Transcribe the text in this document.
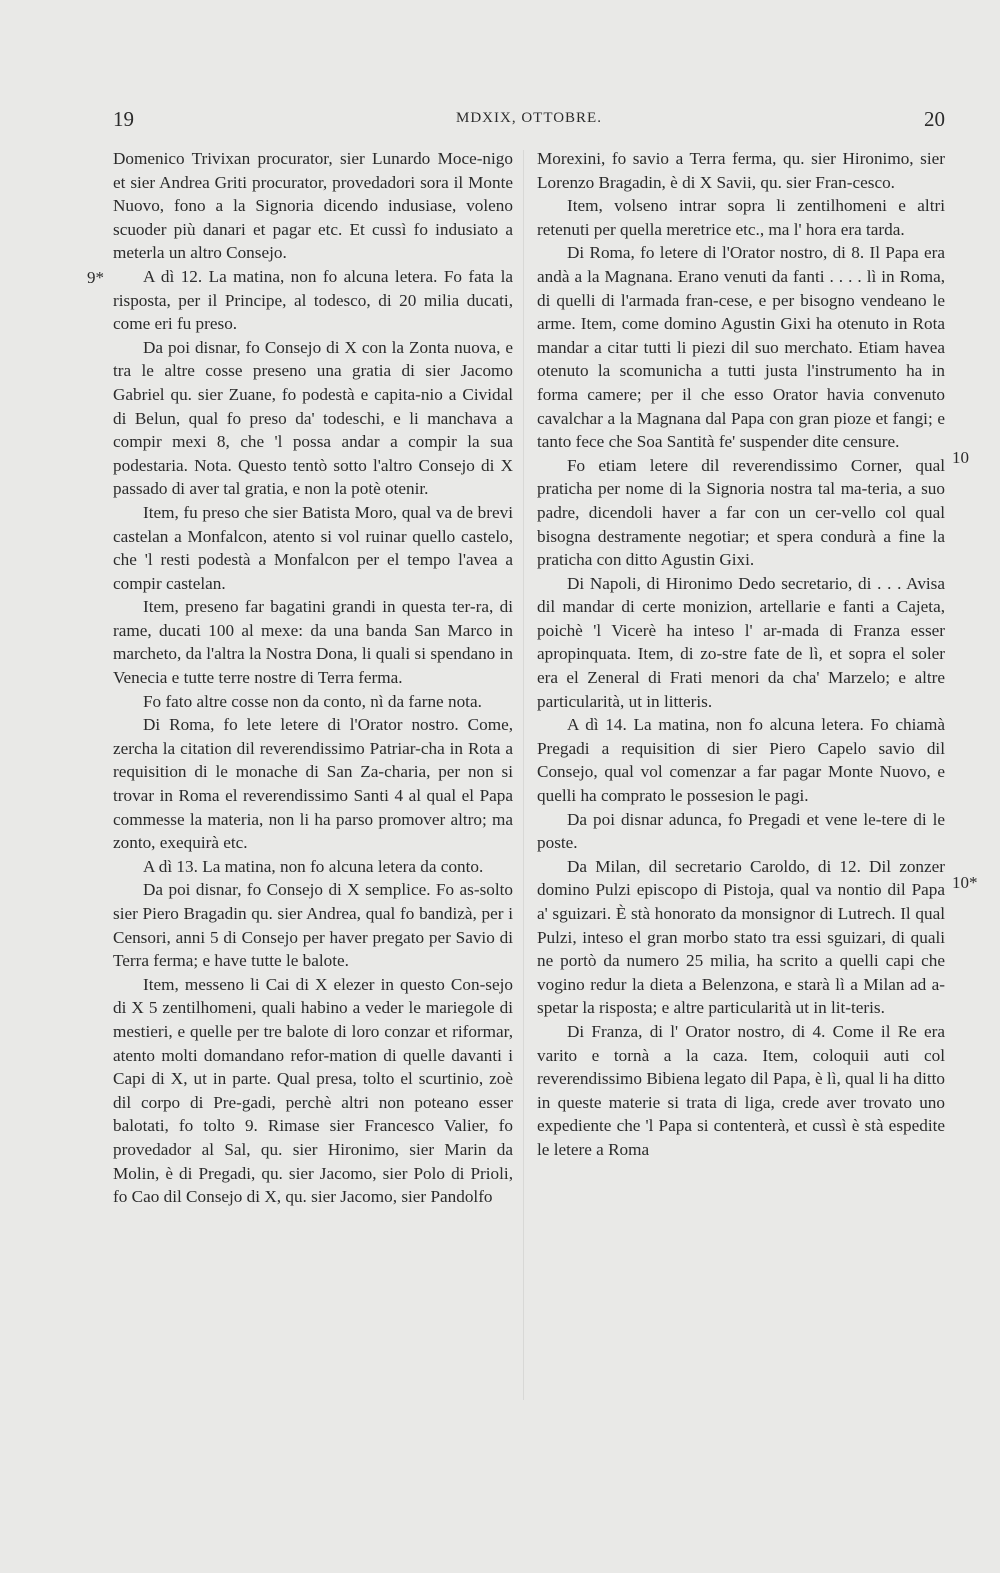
19	MDXIX, OTTOBRE.	20
9*
10
10*

Domenico Trivixan procurator, sier Lunardo Moce-nigo et sier Andrea Griti procurator, provedadori sora il Monte Nuovo, fono a la Signoria dicendo indusiase, voleno scuoder più danari et pagar etc. Et cussì fo indusiato a meterla un altro Consejo.

A dì 12. La matina, non fo alcuna letera. Fo fata la risposta, per il Principe, al todesco, di 20 milia ducati, come eri fu preso.

Da poi disnar, fo Consejo di X con la Zonta nuova, e tra le altre cosse preseno una gratia di sier Jacomo Gabriel qu. sier Zuane, fo podestà e capita-nio a Cividal di Belun, qual fo preso da' todeschi, e li manchava a compir mexi 8, che 'l possa andar a compir la sua podestaria. Nota. Questo tentò sotto l'altro Consejo di X passado di aver tal gratia, e non la potè otenir.

Item, fu preso che sier Batista Moro, qual va de brevi castelan a Monfalcon, atento si vol ruinar quello castelo, che 'l resti podestà a Monfalcon per el tempo l'avea a compir castelan.

Item, preseno far bagatini grandi in questa ter-ra, di rame, ducati 100 al mexe: da una banda San Marco in marcheto, da l'altra la Nostra Dona, li quali si spendano in Venecia e tutte terre nostre di Terra ferma.

Fo fato altre cosse non da conto, nì da farne nota.

Di Roma, fo lete letere di l'Orator nostro. Come, zercha la citation dil reverendissimo Patriar-cha in Rota a requisition di le monache di San Za-charia, per non si trovar in Roma el reverendissimo Santi 4 al qual el Papa commesse la materia, non li ha parso promover altro; ma zonto, exequirà etc.

A dì 13. La matina, non fo alcuna letera da conto.

Da poi disnar, fo Consejo di X semplice. Fo as-solto sier Piero Bragadin qu. sier Andrea, qual fo bandizà, per i Censori, anni 5 di Consejo per haver pregato per Savio di Terra ferma; e have tutte le balote.

Item, messeno li Cai di X elezer in questo Con-sejo di X 5 zentilhomeni, quali habino a veder le mariegole di mestieri, e quelle per tre balote di loro conzar et riformar, atento molti domandano refor-mation di quelle davanti i Capi di X, ut in parte. Qual presa, tolto el scurtinio, zoè dil corpo di Pre-gadi, perchè altri non poteano esser balotati, fo tolto 9. Rimase sier Francesco Valier, fo provedador al Sal, qu. sier Hironimo, sier Marin da Molin, è di Pregadi, qu. sier Jacomo, sier Polo di Prioli, fo Cao dil Consejo di X, qu. sier Jacomo, sier Pandolfo

Morexini, fo savio a Terra ferma, qu. sier Hironimo, sier Lorenzo Bragadin, è di X Savii, qu. sier Fran-cesco.

Item, volseno intrar sopra li zentilhomeni e altri retenuti per quella meretrice etc., ma l' hora era tarda.

Di Roma, fo letere di l'Orator nostro, di 8. Il Papa era andà a la Magnana. Erano venuti da fanti . . . . lì in Roma, di quelli di l'armada fran-cese, e per bisogno vendeano le arme. Item, come domino Agustin Gixi ha otenuto in Rota mandar a citar tutti li piezi dil suo merchato. Etiam havea otenuto la scomunicha a tutti justa l'instrumento ha in forma camere; per il che esso Orator havia convenuto cavalchar a la Magnana dal Papa con gran pioze et fangi; e tanto fece che Soa Santità fe' suspender dite censure.

Fo etiam letere dil reverendissimo Corner, qual praticha per nome di la Signoria nostra tal ma-teria, a suo padre, dicendoli haver a far con un cer-vello col qual bisogna destramente negotiar; et spera condurà a fine la praticha con ditto Agustin Gixi.

Di Napoli, di Hironimo Dedo secretario, di . . . Avisa dil mandar di certe monizion, artellarie e fanti a Cajeta, poichè 'l Vicerè ha inteso l' ar-mada di Franza esser apropinquata. Item, di zo-stre fate de lì, et sopra el soler era el Zeneral di Frati menori da cha' Marzelo; e altre particularità, ut in litteris.

A dì 14. La matina, non fo alcuna letera. Fo chiamà Pregadi a requisition di sier Piero Capelo savio dil Consejo, qual vol comenzar a far pagar Monte Nuovo, e quelli ha comprato le possesion le pagi.

Da poi disnar adunca, fo Pregadi et vene le-tere di le poste.

Da Milan, dil secretario Caroldo, di 12. Dil zonzer domino Pulzi episcopo di Pistoja, qual va nontio dil Papa a' sguizari. È stà honorato da monsignor di Lutrech. Il qual Pulzi, inteso el gran morbo stato tra essi sguizari, di quali ne portò da numero 25 milia, ha scrito a quelli capi che vogino redur la dieta a Belenzona, e starà lì a Milan ad a-spetar la risposta; e altre particularità ut in lit-teris.

Di Franza, di l' Orator nostro, di 4. Come il Re era varito e tornà a la caza. Item, coloquii auti col reverendissimo Bibiena legato dil Papa, è lì, qual li ha ditto in queste materie si trata di liga, crede aver trovato uno expediente che 'l Papa si contenterà, et cussì è stà espedite le letere a Roma
